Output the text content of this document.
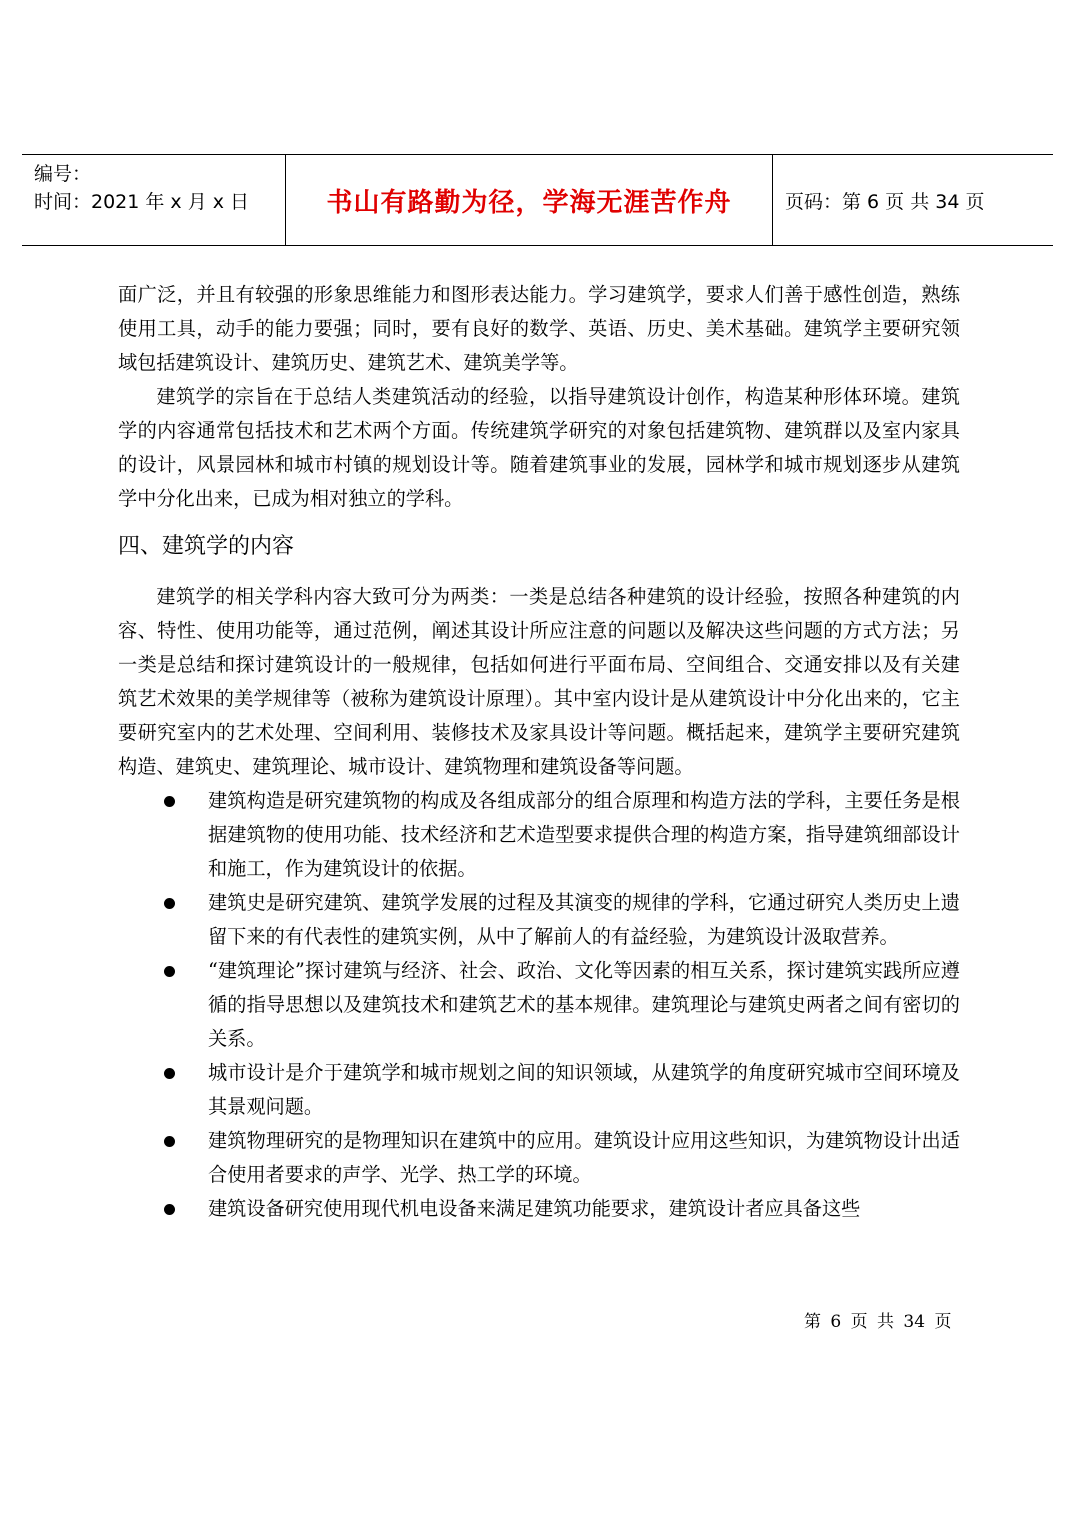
编号：
时间：2021 年 x 月 x 日	书山有路勤为径，学海无涯苦作舟	页码：第 6 页 共 34 页

面广泛，并且有较强的形象思维能力和图形表达能力。学习建筑学，要求人们善于感性创造，熟练使用工具，动手的能力要强；同时，要有良好的数学、英语、历史、美术基础。建筑学主要研究领域包括建筑设计、建筑历史、建筑艺术、建筑美学等。

建筑学的宗旨在于总结人类建筑活动的经验，以指导建筑设计创作，构造某种形体环境。建筑学的内容通常包括技术和艺术两个方面。传统建筑学研究的对象包括建筑物、建筑群以及室内家具的设计，风景园林和城市村镇的规划设计等。随着建筑事业的发展，园林学和城市规划逐步从建筑学中分化出来，已成为相对独立的学科。

四、建筑学的内容

建筑学的相关学科内容大致可分为两类：一类是总结各种建筑的设计经验，按照各种建筑的内容、特性、使用功能等，通过范例，阐述其设计所应注意的问题以及解决这些问题的方式方法；另一类是总结和探讨建筑设计的一般规律，包括如何进行平面布局、空间组合、交通安排以及有关建筑艺术效果的美学规律等（被称为建筑设计原理）。其中室内设计是从建筑设计中分化出来的，它主要研究室内的艺术处理、空间利用、装修技术及家具设计等问题。概括起来，建筑学主要研究建筑构造、建筑史、建筑理论、城市设计、建筑物理和建筑设备等问题。

建筑构造是研究建筑物的构成及各组成部分的组合原理和构造方法的学科，主要任务是根据建筑物的使用功能、技术经济和艺术造型要求提供合理的构造方案，指导建筑细部设计和施工，作为建筑设计的依据。
建筑史是研究建筑、建筑学发展的过程及其演变的规律的学科，它通过研究人类历史上遗留下来的有代表性的建筑实例，从中了解前人的有益经验，为建筑设计汲取营养。
“建筑理论”探讨建筑与经济、社会、政治、文化等因素的相互关系，探讨建筑实践所应遵循的指导思想以及建筑技术和建筑艺术的基本规律。建筑理论与建筑史两者之间有密切的关系。
城市设计是介于建筑学和城市规划之间的知识领域，从建筑学的角度研究城市空间环境及其景观问题。
建筑物理研究的是物理知识在建筑中的应用。建筑设计应用这些知识，为建筑物设计出适合使用者要求的声学、光学、热工学的环境。
建筑设备研究使用现代机电设备来满足建筑功能要求，建筑设计者应具备这些
第 6 页 共 34 页
